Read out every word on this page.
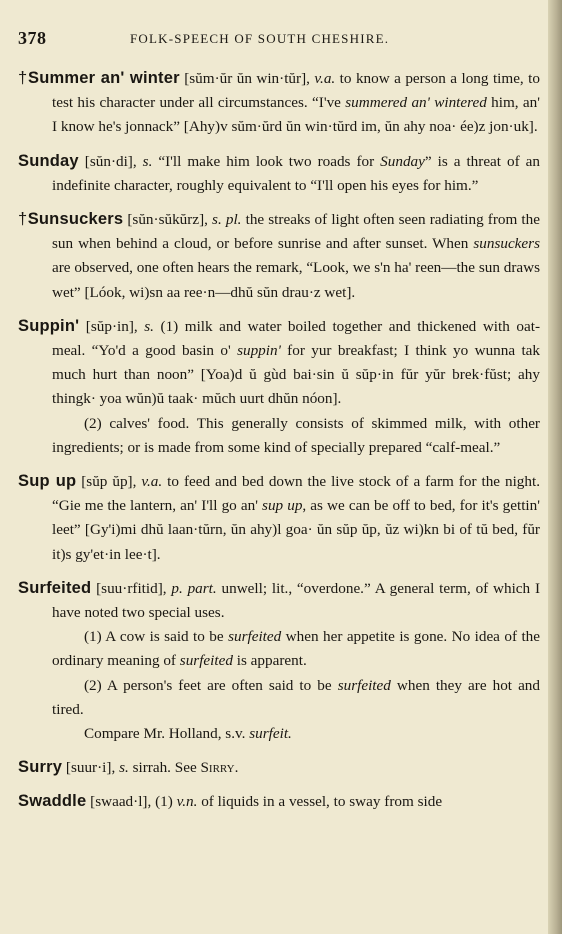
378	FOLK-SPEECH OF SOUTH CHESHIRE.

†Summer an' winter [sŭm·ŭr ŭn win·tŭr], v.a. to know a person a long time, to test his character under all circumstances. “I've summered an' wintered him, an' I know he's jonnack” [Ahy)v sŭm·ŭrd ŭn win·tŭrd im, ŭn ahy noa· ée)z jon·uk].

Sunday [sŭn·di], s. “I'll make him look two roads for Sunday” is a threat of an indefinite character, roughly equivalent to “I'll open his eyes for him.”

†Sunsuckers [sŭn·sŭkŭrz], s. pl. the streaks of light often seen radiating from the sun when behind a cloud, or before sunrise and after sunset. When sunsuckers are observed, one often hears the remark, “Look, we s'n ha' reen—the sun draws wet” [Lóok, wi)sn aa ree·n—dhŭ sŭn drau·z wet].

Suppin' [sŭp·in], s. (1) milk and water boiled together and thickened with oat-meal. “Yo'd a good basin o' suppin' for yur breakfast; I think yo wunna tak much hurt than noon” [Yoa)d ŭ gùd bai·sin ŭ sŭp·in fŭr yŭr brek·fŭst; ahy thingk· yoa wŭn)ŭ taak· mŭch uurt dhŭn nóon].

(2) calves' food. This generally consists of skimmed milk, with other ingredients; or is made from some kind of specially prepared “calf-meal.”

Sup up [sŭp ŭp], v.a. to feed and bed down the live stock of a farm for the night. “Gie me the lantern, an' I'll go an' sup up, as we can be off to bed, for it's gettin' leet” [Gy'i)mi dhŭ laan·tŭrn, ŭn ahy)l goa· ŭn sŭp ŭp, ŭz wi)kn bi of tŭ bed, fŭr it)s gy'et·in lee·t].

Surfeited [suu·rfitid], p. part. unwell; lit., “overdone.” A general term, of which I have noted two special uses.

(1) A cow is said to be surfeited when her appetite is gone. No idea of the ordinary meaning of surfeited is apparent.

(2) A person's feet are often said to be surfeited when they are hot and tired.

Compare Mr. Holland, s.v. surfeit.

Surry [suur·i], s. sirrah. See Sirry.

Swaddle [swaad·l], (1) v.n. of liquids in a vessel, to sway from side
